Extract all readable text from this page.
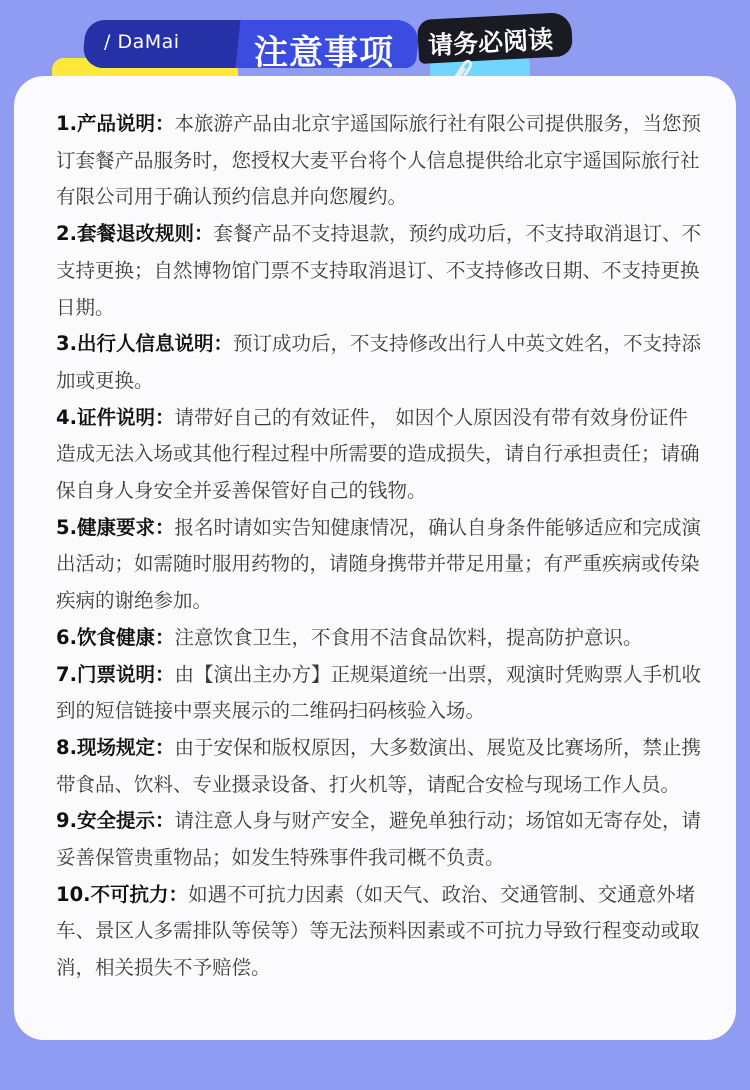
/ DaMai 注意事项 请务必阅读

1.产品说明：本旅游产品由北京宇遥国际旅行社有限公司提供服务，当您预订套餐产品服务时，您授权大麦平台将个人信息提供给北京宇遥国际旅行社有限公司用于确认预约信息并向您履约。

2.套餐退改规则：套餐产品不支持退款，预约成功后，不支持取消退订、不支持更换；自然博物馆门票不支持取消退订、不支持修改日期、不支持更换日期。

3.出行人信息说明：预订成功后，不支持修改出行人中英文姓名，不支持添加或更换。

4.证件说明：请带好自己的有效证件， 如因个人原因没有带有效身份证件造成无法入场或其他行程过程中所需要的造成损失，请自行承担责任；请确保自身人身安全并妥善保管好自己的钱物。

5.健康要求：报名时请如实告知健康情况，确认自身条件能够适应和完成演出活动；如需随时服用药物的，请随身携带并带足用量；有严重疾病或传染疾病的谢绝参加。

6.饮食健康：注意饮食卫生，不食用不洁食品饮料，提高防护意识。

7.门票说明：由【演出主办方】正规渠道统一出票，观演时凭购票人手机收到的短信链接中票夹展示的二维码扫码核验入场。

8.现场规定：由于安保和版权原因，大多数演出、展览及比赛场所，禁止携带食品、饮料、专业摄录设备、打火机等，请配合安检与现场工作人员。

9.安全提示：请注意人身与财产安全，避免单独行动；场馆如无寄存处，请妥善保管贵重物品；如发生特殊事件我司概不负责。

10.不可抗力：如遇不可抗力因素（如天气、政治、交通管制、交通意外堵车、景区人多需排队等侯等）等无法预料因素或不可抗力导致行程变动或取消，相关损失不予赔偿。
